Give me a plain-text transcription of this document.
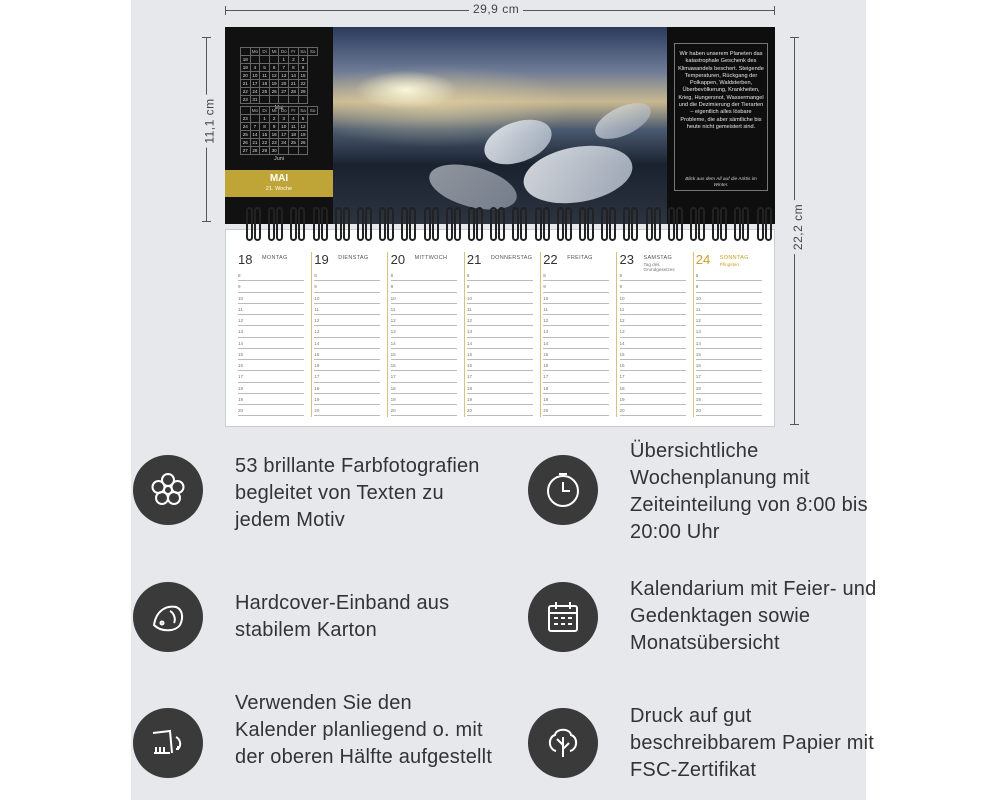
29,9 cm
11,1 cm
22,2 cm
	Mo	Di	Mi	Do	Fr	Sa	So
18				1	2	3	
19	4	5	6	7	8	9	
20	10	11	12	13	14	15	
21	17	18	19	20	21	22	
22	24	25	26	27	28	29	
23	31						
Mai
	Mo	Di	Mi	Do	Fr	Sa	So
23		1	2	3	4	5	
24	7	8	9	10	11	12	
25	14	15	16	17	18	19	
26	21	22	23	24	25	26	
27	28	29	30				
Juni
MAI
21. Woche
Wir haben unserem Planeten das katastrophale Geschenk des Klimawandels beschert. Steigende Temperaturen, Rückgang der Polkappen, Waldsterben, Überbevölkerung, Krankheiten, Krieg, Hungersnot, Wassermangel und die Dezimierung der Tierarten – eigentlich alles lösbare Probleme, die aber sämtliche bis heute nicht gemeistert sind.
Blick aus dem All auf die Arktis im Winter.
18 MONTAG
8
9
10
11
12
13
14
15
16
17
18
19
20
19 DIENSTAG
8
9
10
11
12
13
14
15
16
17
18
19
20
20 MITTWOCH
8
9
10
11
12
13
14
15
16
17
18
19
20
21 DONNERSTAG
8
9
10
11
12
13
14
15
16
17
18
19
20
22 FREITAG
8
9
10
11
12
13
14
15
16
17
18
19
20
23 SAMSTAG
Tag des Grundgesetzes
8
9
10
11
12
13
14
15
16
17
18
19
20
24 SONNTAG
Pfingsten
8
9
10
11
12
13
14
15
16
17
18
19
20
53 brillante Farbfotografien begleitet von Texten zu jedem Motiv
Übersichtliche Wochenplanung mit Zeiteinteilung von 8:00 bis 20:00 Uhr
Hardcover-Einband aus stabilem Karton
Kalendarium mit Feier- und Gedenktagen sowie Monatsübersicht
Verwenden Sie den Kalender planliegend o. mit der oberen Hälfte aufgestellt
Druck auf gut beschreibbarem Papier mit FSC-Zertifikat
